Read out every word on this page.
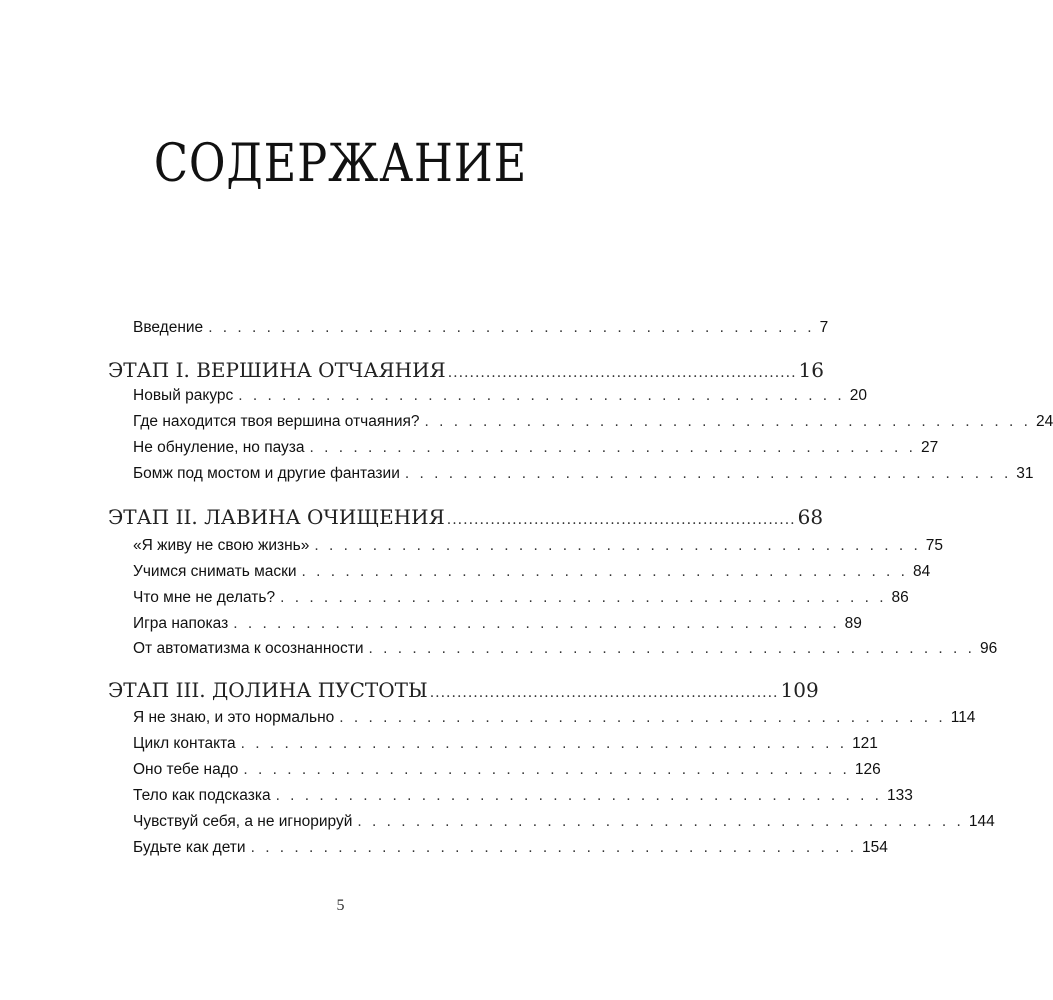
СОДЕРЖАНИЕ
Введение . . . . . . . . . . . . . . . . . . . . . . . . . . . . . . . . . . . . . . . . . . 7
ЭТАП I. ВЕРШИНА ОТЧАЯНИЯ ................................................................ 16
Новый ракурс . . . . . . . . . . . . . . . . . . . . . . . . . . . . . . . . . . . . . . . . . . 20
Где находится твоя вершина отчаяния? . . . . . . . . . . . . . . . . . . . . . . . . . . . . . . . . . . . . . . . . . . 24
Не обнуление, но пауза . . . . . . . . . . . . . . . . . . . . . . . . . . . . . . . . . . . . . . . . . . 27
Бомж под мостом и другие фантазии . . . . . . . . . . . . . . . . . . . . . . . . . . . . . . . . . . . . . . . . . . 31
ЭТАП II. ЛАВИНА ОЧИЩЕНИЯ ................................................................ 68
«Я живу не свою жизнь» . . . . . . . . . . . . . . . . . . . . . . . . . . . . . . . . . . . . . . . . . . 75
Учимся снимать маски . . . . . . . . . . . . . . . . . . . . . . . . . . . . . . . . . . . . . . . . . . 84
Что мне не делать? . . . . . . . . . . . . . . . . . . . . . . . . . . . . . . . . . . . . . . . . . . 86
Игра напоказ . . . . . . . . . . . . . . . . . . . . . . . . . . . . . . . . . . . . . . . . . . 89
От автоматизма к осознанности . . . . . . . . . . . . . . . . . . . . . . . . . . . . . . . . . . . . . . . . . . 96
ЭТАП III. ДОЛИНА ПУСТОТЫ ................................................................ 109
Я не знаю, и это нормально . . . . . . . . . . . . . . . . . . . . . . . . . . . . . . . . . . . . . . . . . . 114
Цикл контакта . . . . . . . . . . . . . . . . . . . . . . . . . . . . . . . . . . . . . . . . . . 121
Оно тебе надо . . . . . . . . . . . . . . . . . . . . . . . . . . . . . . . . . . . . . . . . . . 126
Тело как подсказка . . . . . . . . . . . . . . . . . . . . . . . . . . . . . . . . . . . . . . . . . . 133
Чувствуй себя, а не игнорируй . . . . . . . . . . . . . . . . . . . . . . . . . . . . . . . . . . . . . . . . . . 144
Будьте как дети . . . . . . . . . . . . . . . . . . . . . . . . . . . . . . . . . . . . . . . . . . 154
5
